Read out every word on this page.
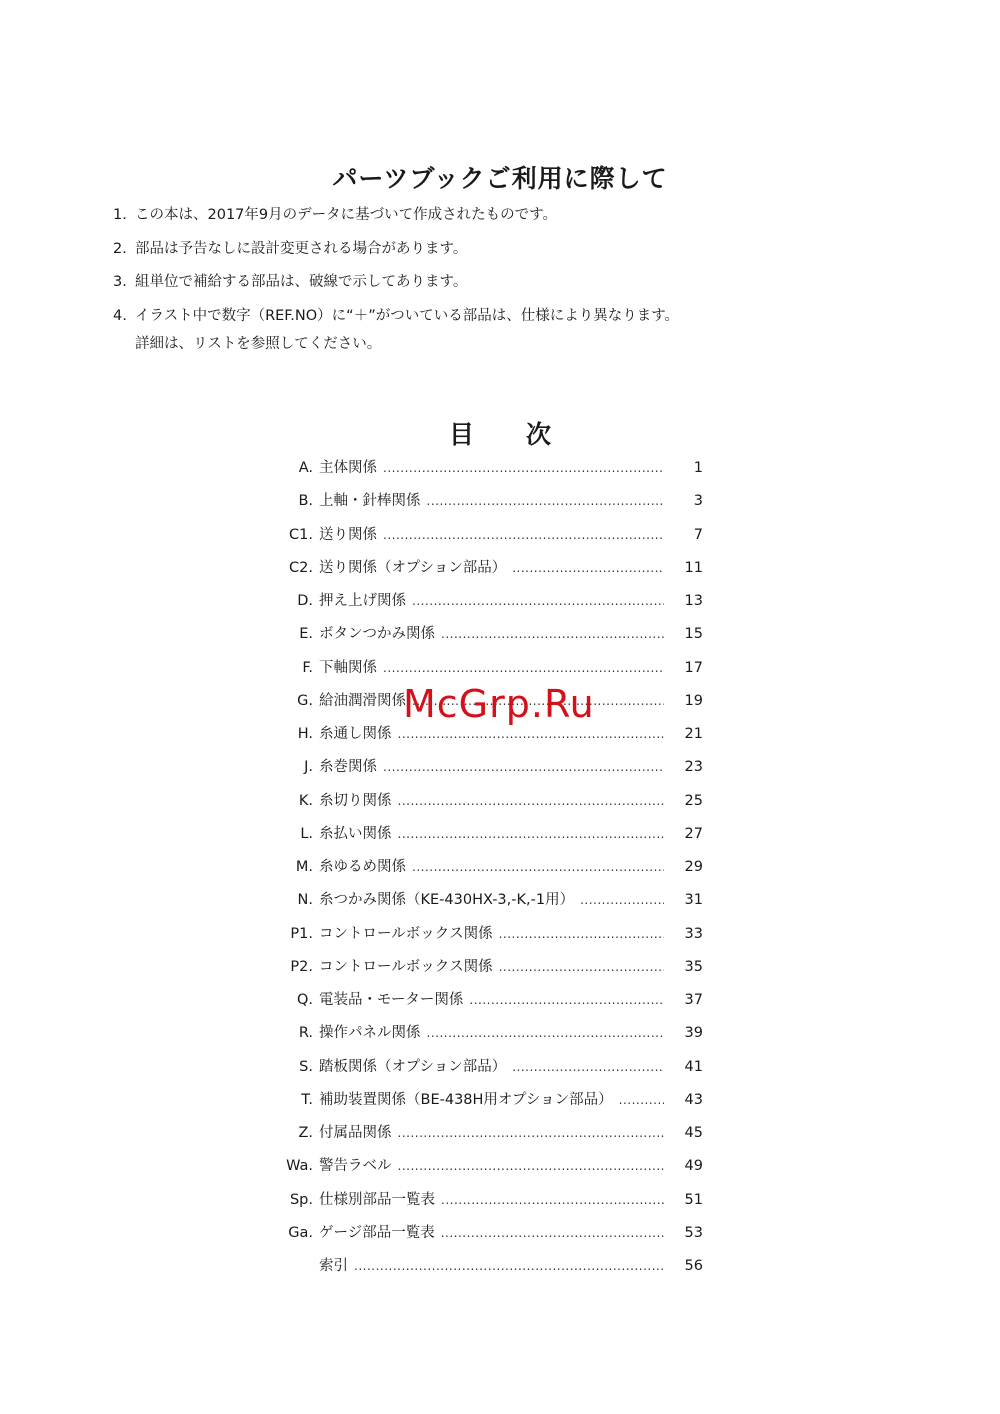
パーツブックご利用に際して
1. この本は、2017年9月のデータに基づいて作成されたものです。
2. 部品は予告なしに設計変更される場合があります。
3. 組単位で補給する部品は、破線で示してあります。
4. イラスト中で数字（REF.NO）に“＋”がついている部品は、仕様により異なります。
詳細は、リストを参照してください。
目次
A. 主体関係 .....	1
B. 上軸・針棒関係 .....	3
C1. 送り関係 .....	7
C2. 送り関係（オプション部品） .....	11
D. 押え上げ関係 .....	13
E. ボタンつかみ関係 .....	15
F. 下軸関係 .....	17
G. 給油潤滑関係 .....	19
H. 糸通し関係 .....	21
J. 糸巻関係 .....	23
K. 糸切り関係 .....	25
L. 糸払い関係 .....	27
M. 糸ゆるめ関係 .....	29
N. 糸つかみ関係（KE-430HX-3,-K,-1用） .....	31
P1. コントロールボックス関係 .....	33
P2. コントロールボックス関係 .....	35
Q. 電装品・モーター関係 .....	37
R. 操作パネル関係 .....	39
S. 踏板関係（オプション部品） .....	41
T. 補助装置関係（BE-438H用オプション部品） .....	43
Z. 付属品関係 .....	45
Wa. 警告ラベル .....	49
Sp. 仕様別部品一覧表 .....	51
Ga. ゲージ部品一覧表 .....	53
索引 .....	56
McGrp.Ru
